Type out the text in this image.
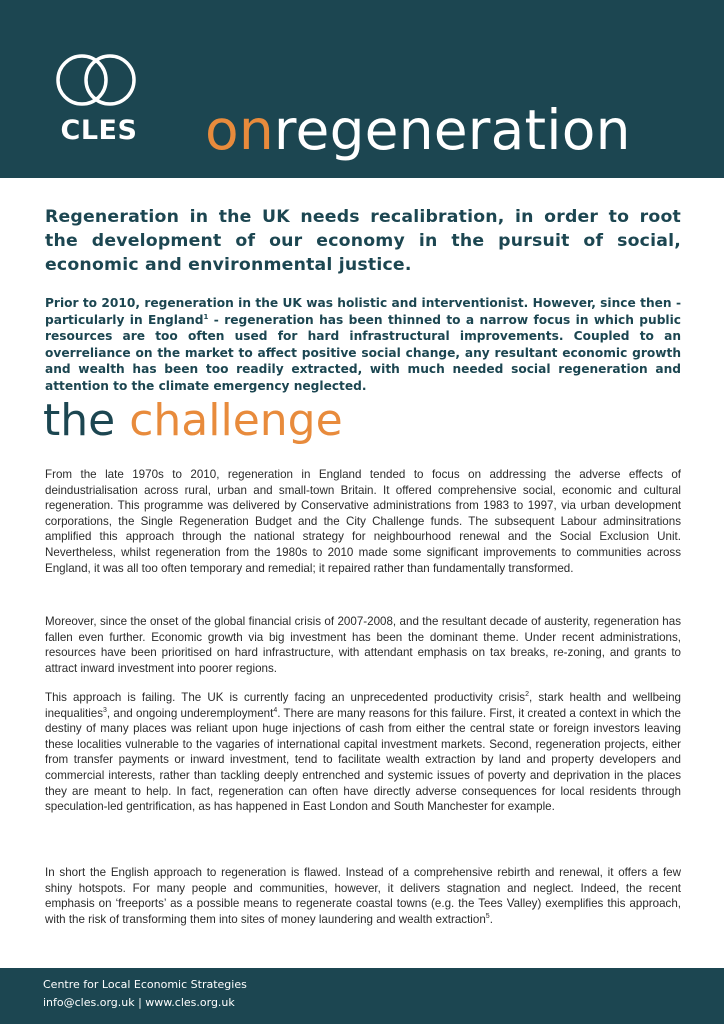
CLES onregeneration

Regeneration in the UK needs recalibration, in order to root the development of our economy in the pursuit of social, economic and environmental justice.

Prior to 2010, regeneration in the UK was holistic and interventionist. However, since then - particularly in England$^1$ - regeneration has been thinned to a narrow focus in which public resources are too often used for hard infrastructural improvements. Coupled to an overreliance on the market to affect positive social change, any resultant economic growth and wealth has been too readily extracted, with much needed social regeneration and attention to the climate emergency neglected.

the challenge

From the late 1970s to 2010, regeneration in England tended to focus on addressing the adverse effects of deindustrialisation across rural, urban and small-town Britain. It offered comprehensive social, economic and cultural regeneration. This programme was delivered by Conservative administrations from 1983 to 1997, via urban development corporations, the Single Regeneration Budget and the City Challenge funds. The subsequent Labour adminsitrations amplified this approach through the national strategy for neighbourhood renewal and the Social Exclusion Unit. Nevertheless, whilst regeneration from the 1980s to 2010 made some significant improvements to communities across England, it was all too often temporary and remedial; it repaired rather than fundamentally transformed.

Moreover, since the onset of the global financial crisis of 2007-2008, and the resultant decade of austerity, regeneration has fallen even further. Economic growth via big investment has been the dominant theme. Under recent administrations, resources have been prioritised on hard infrastructure, with attendant emphasis on tax breaks, re-zoning, and grants to attract inward investment into poorer regions.

This approach is failing. The UK is currently facing an unprecedented productivity crisis$^2$, stark health and wellbeing inequalities$^3$, and ongoing underemployment$^4$. There are many reasons for this failure. First, it created a context in which the destiny of many places was reliant upon huge injections of cash from either the central state or foreign investors leaving these localities vulnerable to the vagaries of international capital investment markets. Second, regeneration projects, either from transfer payments or inward investment, tend to facilitate wealth extraction by land and property developers and commercial interests, rather than tackling deeply entrenched and systemic issues of poverty and deprivation in the places they are meant to help. In fact, regeneration can often have directly adverse consequences for local residents through speculation-led gentrification, as has happened in East London and South Manchester for example.

In short the English approach to regeneration is flawed. Instead of a comprehensive rebirth and renewal, it offers a few shiny hotspots. For many people and communities, however, it delivers stagnation and neglect. Indeed, the recent emphasis on ‘freeports’ as a possible means to regenerate coastal towns (e.g. the Tees Valley) exemplifies this approach, with the risk of transforming them into sites of money laundering and wealth extraction$^5$.

Centre for Local Economic Strategies
info@cles.org.uk | www.cles.org.uk
